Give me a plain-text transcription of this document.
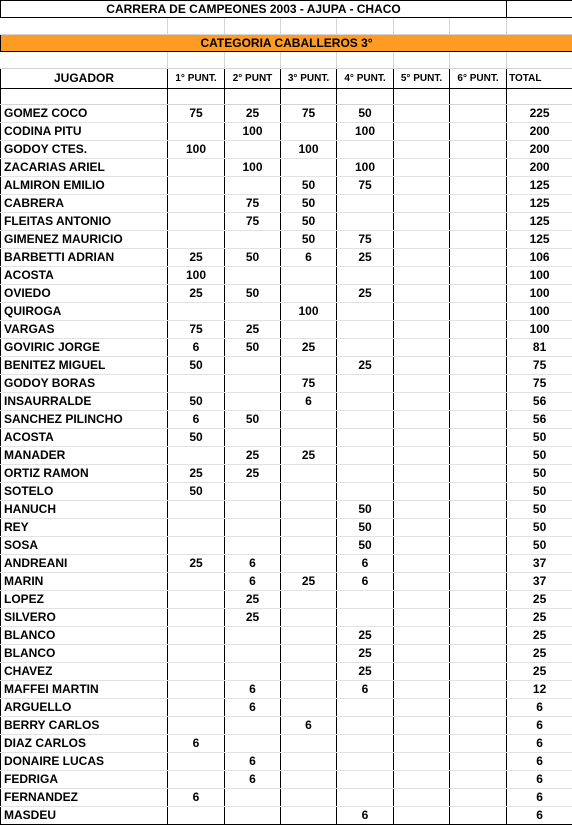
CARRERA DE CAMPEONES 2003 - AJUPA - CHACO							

CATEGORIA CABALLEROS 3°							

JUGADOR	1° PUNT.	2° PUNT	3° PUNT.	4° PUNT.	5° PUNT.	6° PUNT.	TOTAL

GOMEZ COCO	75	25	75	50			225
CODINA PITU		100		100			200
GODOY CTES.	100		100				200
ZACARIAS ARIEL		100		100			200
ALMIRON EMILIO			50	75			125
CABRERA		75	50				125
FLEITAS ANTONIO		75	50				125
GIMENEZ MAURICIO			50	75			125
BARBETTI ADRIAN	25	50	6	25			106
ACOSTA	100						100
OVIEDO	25	50		25			100
QUIROGA			100				100
VARGAS	75	25					100
GOVIRIC JORGE	6	50	25				81
BENITEZ MIGUEL	50			25			75
GODOY BORAS			75				75
INSAURRALDE	50		6				56
SANCHEZ PILINCHO	6	50					56
ACOSTA	50						50
MANADER		25	25				50
ORTIZ RAMON	25	25					50
SOTELO	50						50
HANUCH				50			50
REY				50			50
SOSA				50			50
ANDREANI	25	6		6			37
MARIN		6	25	6			37
LOPEZ		25					25
SILVERO		25					25
BLANCO				25			25
BLANCO				25			25
CHAVEZ				25			25
MAFFEI MARTIN		6		6			12
ARGUELLO		6					6
BERRY CARLOS			6				6
DIAZ CARLOS	6						6
DONAIRE LUCAS		6					6
FEDRIGA		6					6
FERNANDEZ	6						6
MASDEU				6			6
